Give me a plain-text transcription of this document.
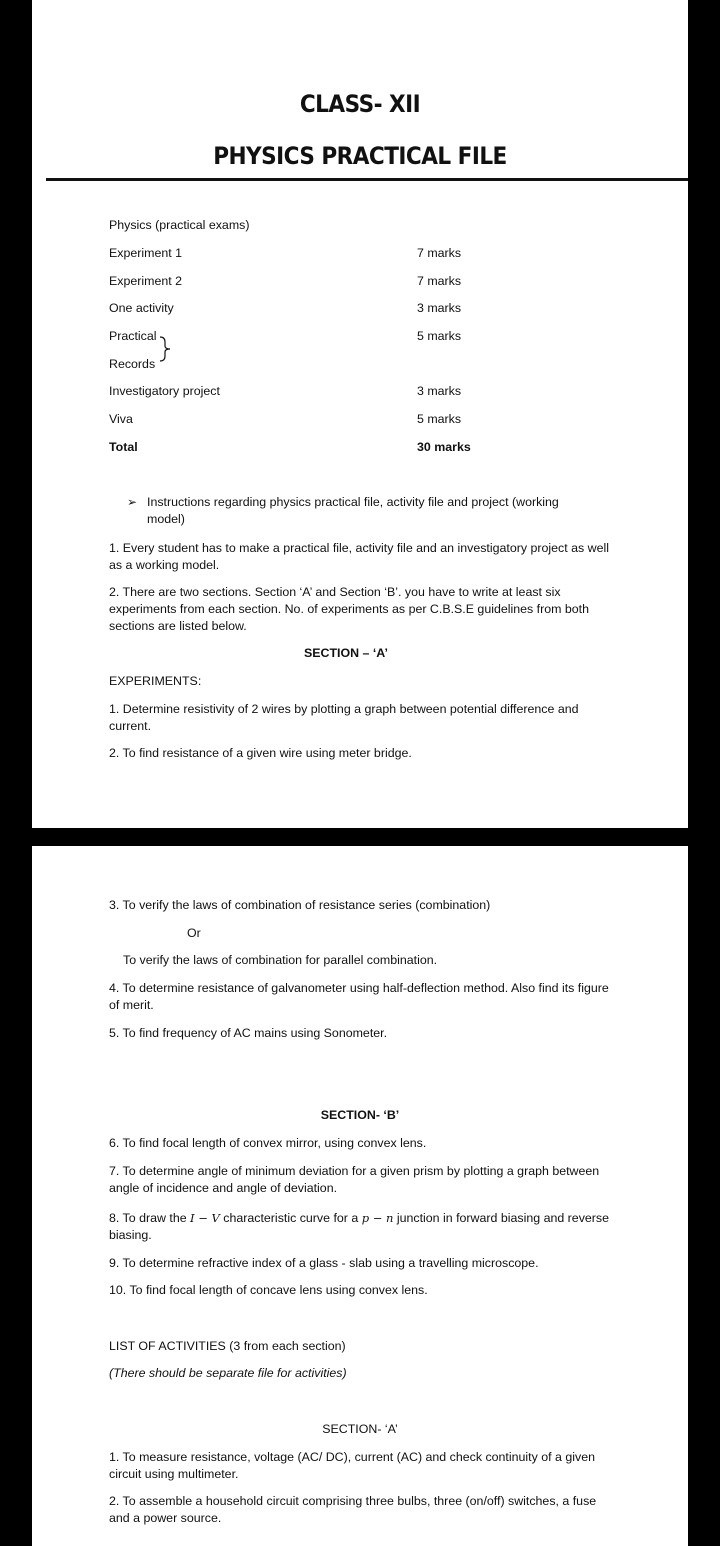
CLASS- XII
PHYSICS PRACTICAL FILE
Physics (practical exams)
Experiment 1	7 marks
Experiment 2	7 marks
One activity	3 marks
Practical	5 marks
Records
Investigatory project	3 marks
Viva	5 marks
Total	30 marks
➢ Instructions regarding physics practical file, activity file and project (working model)
1. Every student has to make a practical file, activity file and an investigatory project as well as a working model.
2. There are two sections. Section ‘A’ and Section ‘B’. you have to write at least six experiments from each section. No. of experiments as per C.B.S.E guidelines from both sections are listed below.
SECTION – ‘A’
EXPERIMENTS:
1. Determine resistivity of 2 wires by plotting a graph between potential difference and current.
2. To find resistance of a given wire using meter bridge.
3. To verify the laws of combination of resistance series (combination)
Or
To verify the laws of combination for parallel combination.
4. To determine resistance of galvanometer using half-deflection method. Also find its figure of merit.
5. To find frequency of AC mains using Sonometer.
SECTION- ‘B’
6. To find focal length of convex mirror, using convex lens.
7. To determine angle of minimum deviation for a given prism by plotting a graph between angle of incidence and angle of deviation.
8. To draw the I − V characteristic curve for a p − n junction in forward biasing and reverse biasing.
9. To determine refractive index of a glass - slab using a travelling microscope.
10. To find focal length of concave lens using convex lens.
LIST OF ACTIVITIES (3 from each section)
(There should be separate file for activities)
SECTION- ‘A’
1. To measure resistance, voltage (AC/ DC), current (AC) and check continuity of a given circuit using multimeter.
2. To assemble a household circuit comprising three bulbs, three (on/off) switches, a fuse and a power source.
